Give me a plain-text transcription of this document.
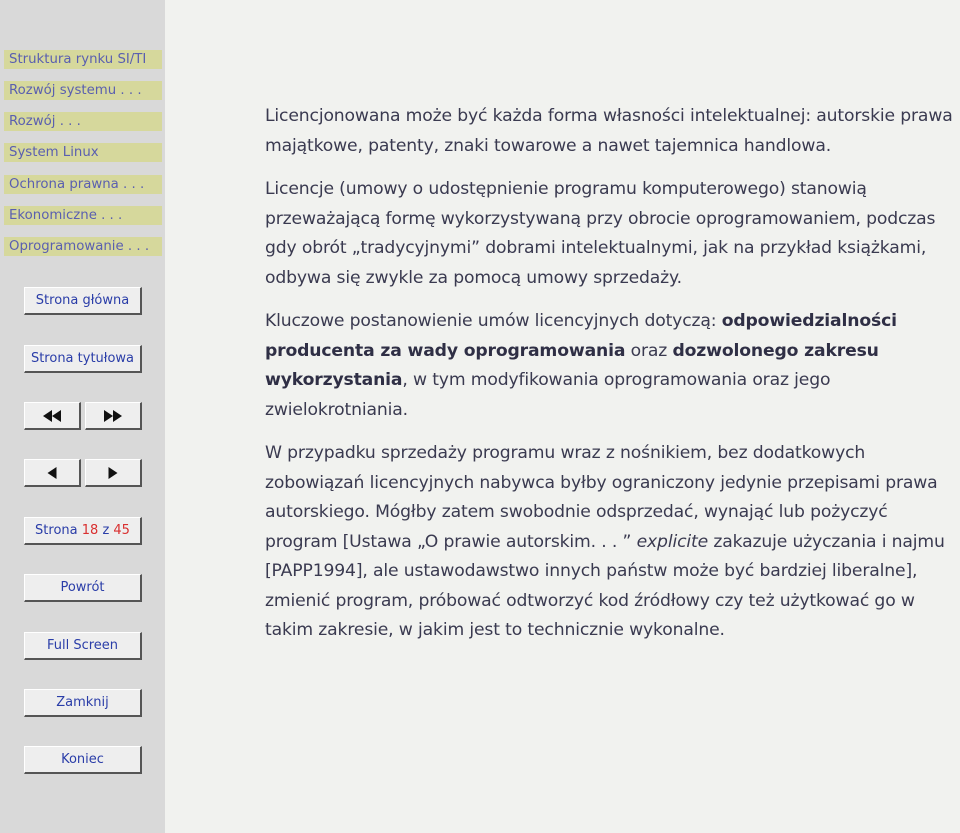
Struktura rynku SI/TI
Rozwój systemu . . .
Rozwój . . .
System Linux
Ochrona prawna . . .
Ekonomiczne . . .
Oprogramowanie . . .
Strona główna
Strona tytułowa
Strona 18 z 45
Powrót
Full Screen
Zamknij
Koniec

Licencjonowana może być każda forma własności intelektualnej: autorskie prawa majątkowe, patenty, znaki towarowe a nawet tajemnica handlowa.

Licencje (umowy o udostępnienie programu komputerowego) stanowią przeważającą formę wykorzystywaną przy obrocie oprogramowaniem, podczas gdy obrót „tradycyjnymi” dobrami intelektualnymi, jak na przykład książkami, odbywa się zwykle za pomocą umowy sprzedaży.

Kluczowe postanowienie umów licencyjnych dotyczą: odpowiedzialności producenta za wady oprogramowania oraz dozwolonego zakresu wykorzystania, w tym modyfikowania oprogramowania oraz jego zwielokrotniania.

W przypadku sprzedaży programu wraz z nośnikiem, bez dodatkowych zobowiązań licencyjnych nabywca byłby ograniczony jedynie przepisami prawa autorskiego. Mógłby zatem swobodnie odsprzedać, wynająć lub pożyczyć program [Ustawa „O prawie autorskim. . . ” explicite zakazuje użyczania i najmu [PAPP1994], ale ustawodawstwo innych państw może być bardziej liberalne], zmienić program, próbować odtworzyć kod źródłowy czy też użytkować go w takim zakresie, w jakim jest to technicznie wykonalne.
